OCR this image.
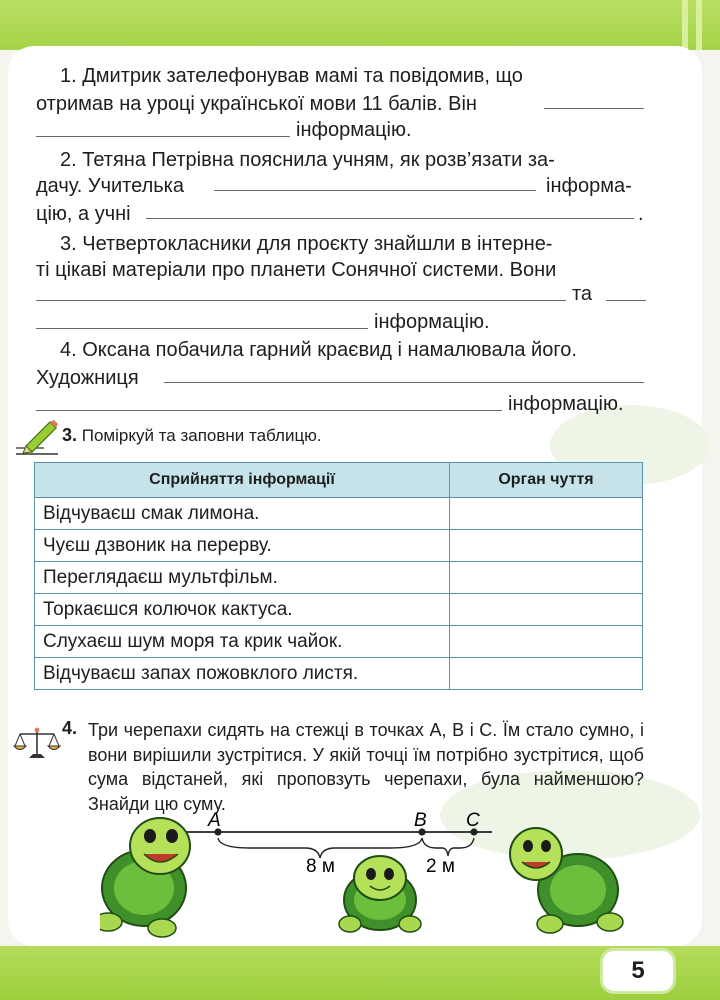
1. Дмитрик зателефонував мамі та повідомив, що
отримав на уроці української мови 11 балів. Він
інформацію.
2. Тетяна Петрівна пояснила учням, як розв’язати за-
дачу. Учителька	інформа-
цію, а учні	.
3. Четвертокласники для проєкту знайшли в інтерне-
ті цікаві матеріали про планети Сонячної системи. Вони
та
інформацію.
4. Оксана побачила гарний краєвид і намалювала його.
Художниця
інформацію.
3. Поміркуй та заповни таблицю.
Сприйняття інформації	Орган чуття
Відчуваєш смак лимона.	
Чуєш дзвоник на перерву.	
Переглядаєш мультфільм.	
Торкаєшся колючок кактуса.	
Слухаєш шум моря та крик чайок.	
Відчуваєш запах пожовклого листя.	
4. Три черепахи сидять на стежці в точках А, В і С. Їм стало сумно, і вони вирішили зустрітися. У якій точці їм потрібно зустрітися, щоб сума відстаней, які проповзуть черепахи, була найменшою? Знайди цю суму.

A	B C
8 м	2 м
5
